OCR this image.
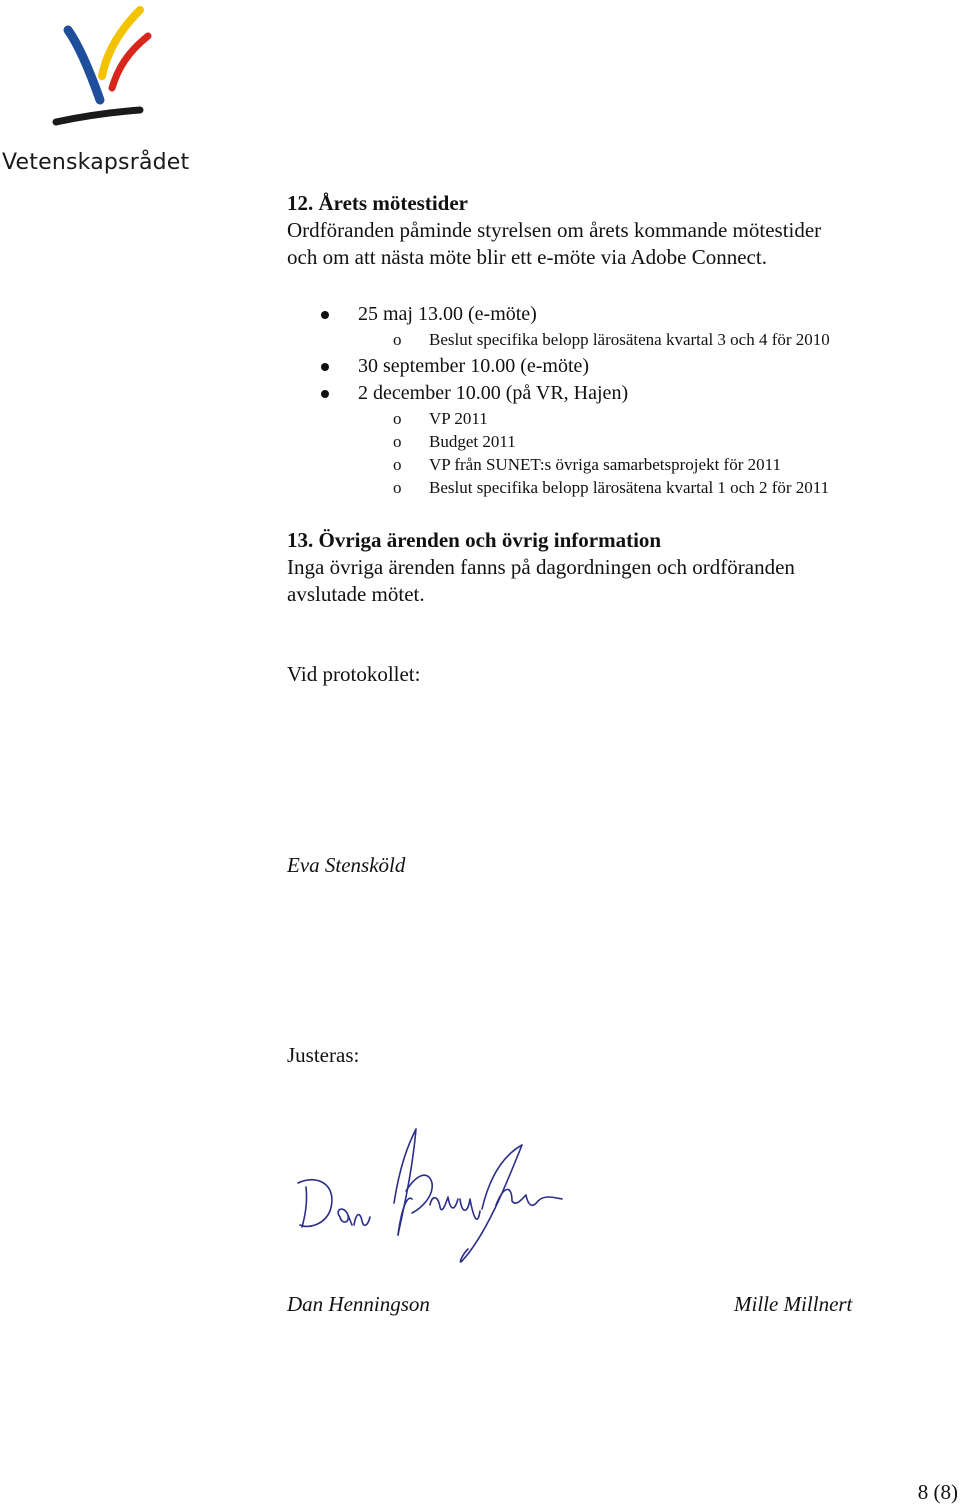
Vetenskapsrådet

12. Årets mötestider

Ordföranden påminde styrelsen om årets kommande mötestider

och om att nästa möte blir ett e-möte via Adobe Connect.

25 maj 13.00 (e-möte)
o Beslut specifika belopp lärosätena kvartal 3 och 4 för 2010
30 september 10.00 (e-möte)
2 december 10.00 (på VR, Hajen)
o VP 2011
o Budget 2011
o VP från SUNET:s övriga samarbetsprojekt för 2011
o Beslut specifika belopp lärosätena kvartal 1 och 2 för 2011

13. Övriga ärenden och övrig information

Inga övriga ärenden fanns på dagordningen och ordföranden

avslutade mötet.

Vid protokollet:
Eva Stensköld
Justeras:
Dan Henningson	Mille Millnert
8 (8)
